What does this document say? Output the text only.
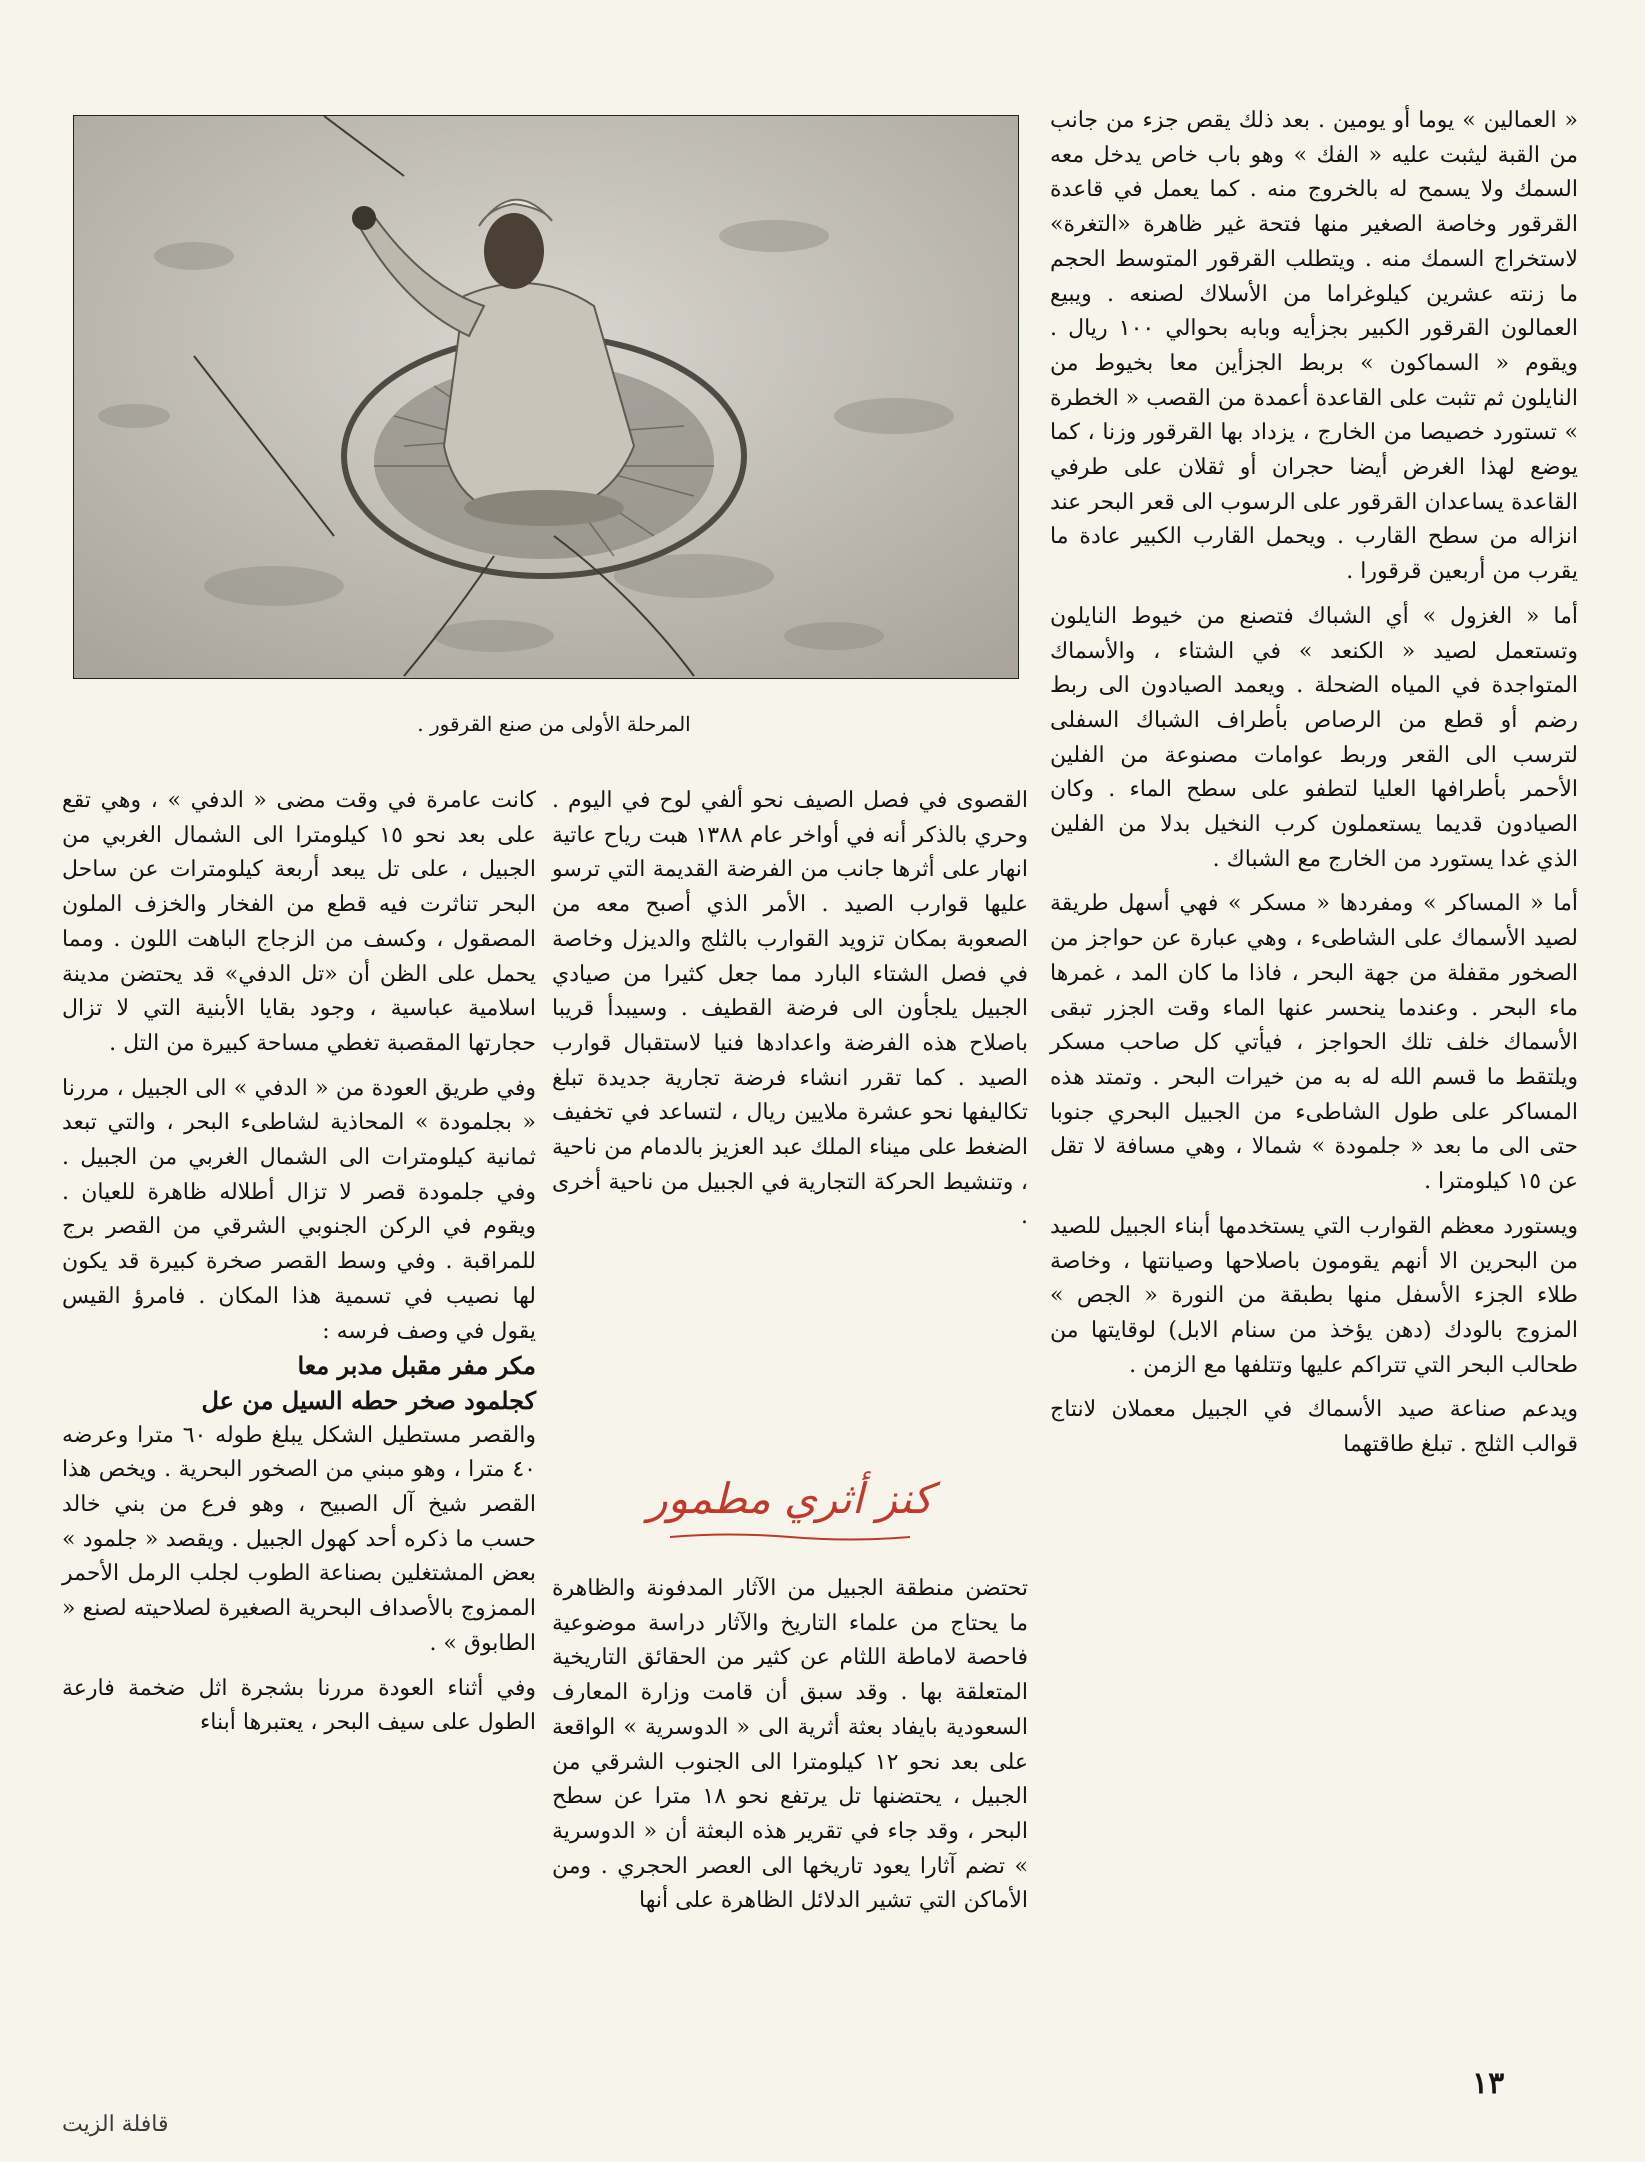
المرحلة الأولى من صنع القرقور .

« العمالين » يوما أو يومين . بعد ذلك يقص جزء من جانب من القبة ليثبت عليه « الفك » وهو باب خاص يدخل معه السمك ولا يسمح له بالخروج منه . كما يعمل في قاعدة القرقور وخاصة الصغير منها فتحة غير ظاهرة «التغرة» لاستخراج السمك منه . ويتطلب القرقور المتوسط الحجم ما زنته عشرين كيلوغراما من الأسلاك لصنعه . ويبيع العمالون القرقور الكبير بجزأيه وبابه بحوالي ١٠٠ ريال . ويقوم « السماكون » بربط الجزأين معا بخيوط من النايلون ثم تثبت على القاعدة أعمدة من القصب « الخطرة » تستورد خصيصا من الخارج ، يزداد بها القرقور وزنا ، كما يوضع لهذا الغرض أيضا حجران أو ثقلان على طرفي القاعدة يساعدان القرقور على الرسوب الى قعر البحر عند انزاله من سطح القارب . ويحمل القارب الكبير عادة ما يقرب من أربعين قرقورا .

أما « الغزول » أي الشباك فتصنع من خيوط النايلون وتستعمل لصيد « الكنعد » في الشتاء ، والأسماك المتواجدة في المياه الضحلة . ويعمد الصيادون الى ربط رضم أو قطع من الرصاص بأطراف الشباك السفلى لترسب الى القعر وربط عوامات مصنوعة من الفلين الأحمر بأطرافها العليا لتطفو على سطح الماء . وكان الصيادون قديما يستعملون كرب النخيل بدلا من الفلين الذي غدا يستورد من الخارج مع الشباك .

أما « المساكر » ومفردها « مسكر » فهي أسهل طريقة لصيد الأسماك على الشاطىء ، وهي عبارة عن حواجز من الصخور مقفلة من جهة البحر ، فاذا ما كان المد ، غمرها ماء البحر . وعندما ينحسر عنها الماء وقت الجزر تبقى الأسماك خلف تلك الحواجز ، فيأتي كل صاحب مسكر ويلتقط ما قسم الله له به من خيرات البحر . وتمتد هذه المساكر على طول الشاطىء من الجبيل البحري جنوبا حتى الى ما بعد « جلمودة » شمالا ، وهي مسافة لا تقل عن ١٥ كيلومترا .

ويستورد معظم القوارب التي يستخدمها أبناء الجبيل للصيد من البحرين الا أنهم يقومون باصلاحها وصيانتها ، وخاصة طلاء الجزء الأسفل منها بطبقة من النورة « الجص » المزوج بالودك (دهن يؤخذ من سنام الابل) لوقايتها من طحالب البحر التي تتراكم عليها وتتلفها مع الزمن .

ويدعم صناعة صيد الأسماك في الجبيل معملان لانتاج قوالب الثلج . تبلغ طاقتهما

القصوى في فصل الصيف نحو ألفي لوح في اليوم . وحري بالذكر أنه في أواخر عام ١٣٨٨ هبت رياح عاتية انهار على أثرها جانب من الفرضة القديمة التي ترسو عليها قوارب الصيد . الأمر الذي أصبح معه من الصعوبة بمكان تزويد القوارب بالثلج والديزل وخاصة في فصل الشتاء البارد مما جعل كثيرا من صيادي الجبيل يلجأون الى فرضة القطيف . وسيبدأ قريبا باصلاح هذه الفرضة واعدادها فنيا لاستقبال قوارب الصيد . كما تقرر انشاء فرضة تجارية جديدة تبلغ تكاليفها نحو عشرة ملايين ريال ، لتساعد في تخفيف الضغط على ميناء الملك عبد العزيز بالدمام من ناحية ، وتنشيط الحركة التجارية في الجبيل من ناحية أخرى .

كنز أثري مطمور

تحتضن منطقة الجبيل من الآثار المدفونة والظاهرة ما يحتاج من علماء التاريخ والآثار دراسة موضوعية فاحصة لاماطة اللثام عن كثير من الحقائق التاريخية المتعلقة بها . وقد سبق أن قامت وزارة المعارف السعودية بايفاد بعثة أثرية الى « الدوسرية » الواقعة على بعد نحو ١٢ كيلومترا الى الجنوب الشرقي من الجبيل ، يحتضنها تل يرتفع نحو ١٨ مترا عن سطح البحر ، وقد جاء في تقرير هذه البعثة أن « الدوسرية » تضم آثارا يعود تاريخها الى العصر الحجري . ومن الأماكن التي تشير الدلائل الظاهرة على أنها

كانت عامرة في وقت مضى « الدفي » ، وهي تقع على بعد نحو ١٥ كيلومترا الى الشمال الغربي من الجبيل ، على تل يبعد أربعة كيلومترات عن ساحل البحر تناثرت فيه قطع من الفخار والخزف الملون المصقول ، وكسف من الزجاج الباهت اللون . ومما يحمل على الظن أن «تل الدفي» قد يحتضن مدينة اسلامية عباسية ، وجود بقايا الأبنية التي لا تزال حجارتها المقصبة تغطي مساحة كبيرة من التل .

وفي طريق العودة من « الدفي » الى الجبيل ، مررنا « بجلمودة » المحاذية لشاطىء البحر ، والتي تبعد ثمانية كيلومترات الى الشمال الغربي من الجبيل . وفي جلمودة قصر لا تزال أطلاله ظاهرة للعيان . ويقوم في الركن الجنوبي الشرقي من القصر برج للمراقبة . وفي وسط القصر صخرة كبيرة قد يكون لها نصيب في تسمية هذا المكان . فامرؤ القيس يقول في وصف فرسه :

مكر مفر مقبل مدبر معا
كجلمود صخر حطه السيل من عل

والقصر مستطيل الشكل يبلغ طوله ٦٠ مترا وعرضه ٤٠ مترا ، وهو مبني من الصخور البحرية . ويخص هذا القصر شيخ آل الصبيح ، وهو فرع من بني خالد حسب ما ذكره أحد كهول الجبيل . ويقصد « جلمود » بعض المشتغلين بصناعة الطوب لجلب الرمل الأحمر الممزوج بالأصداف البحرية الصغيرة لصلاحيته لصنع « الطابوق » .

وفي أثناء العودة مررنا بشجرة اثل ضخمة فارعة الطول على سيف البحر ، يعتبرها أبناء

١٣
قافلة الزيت
